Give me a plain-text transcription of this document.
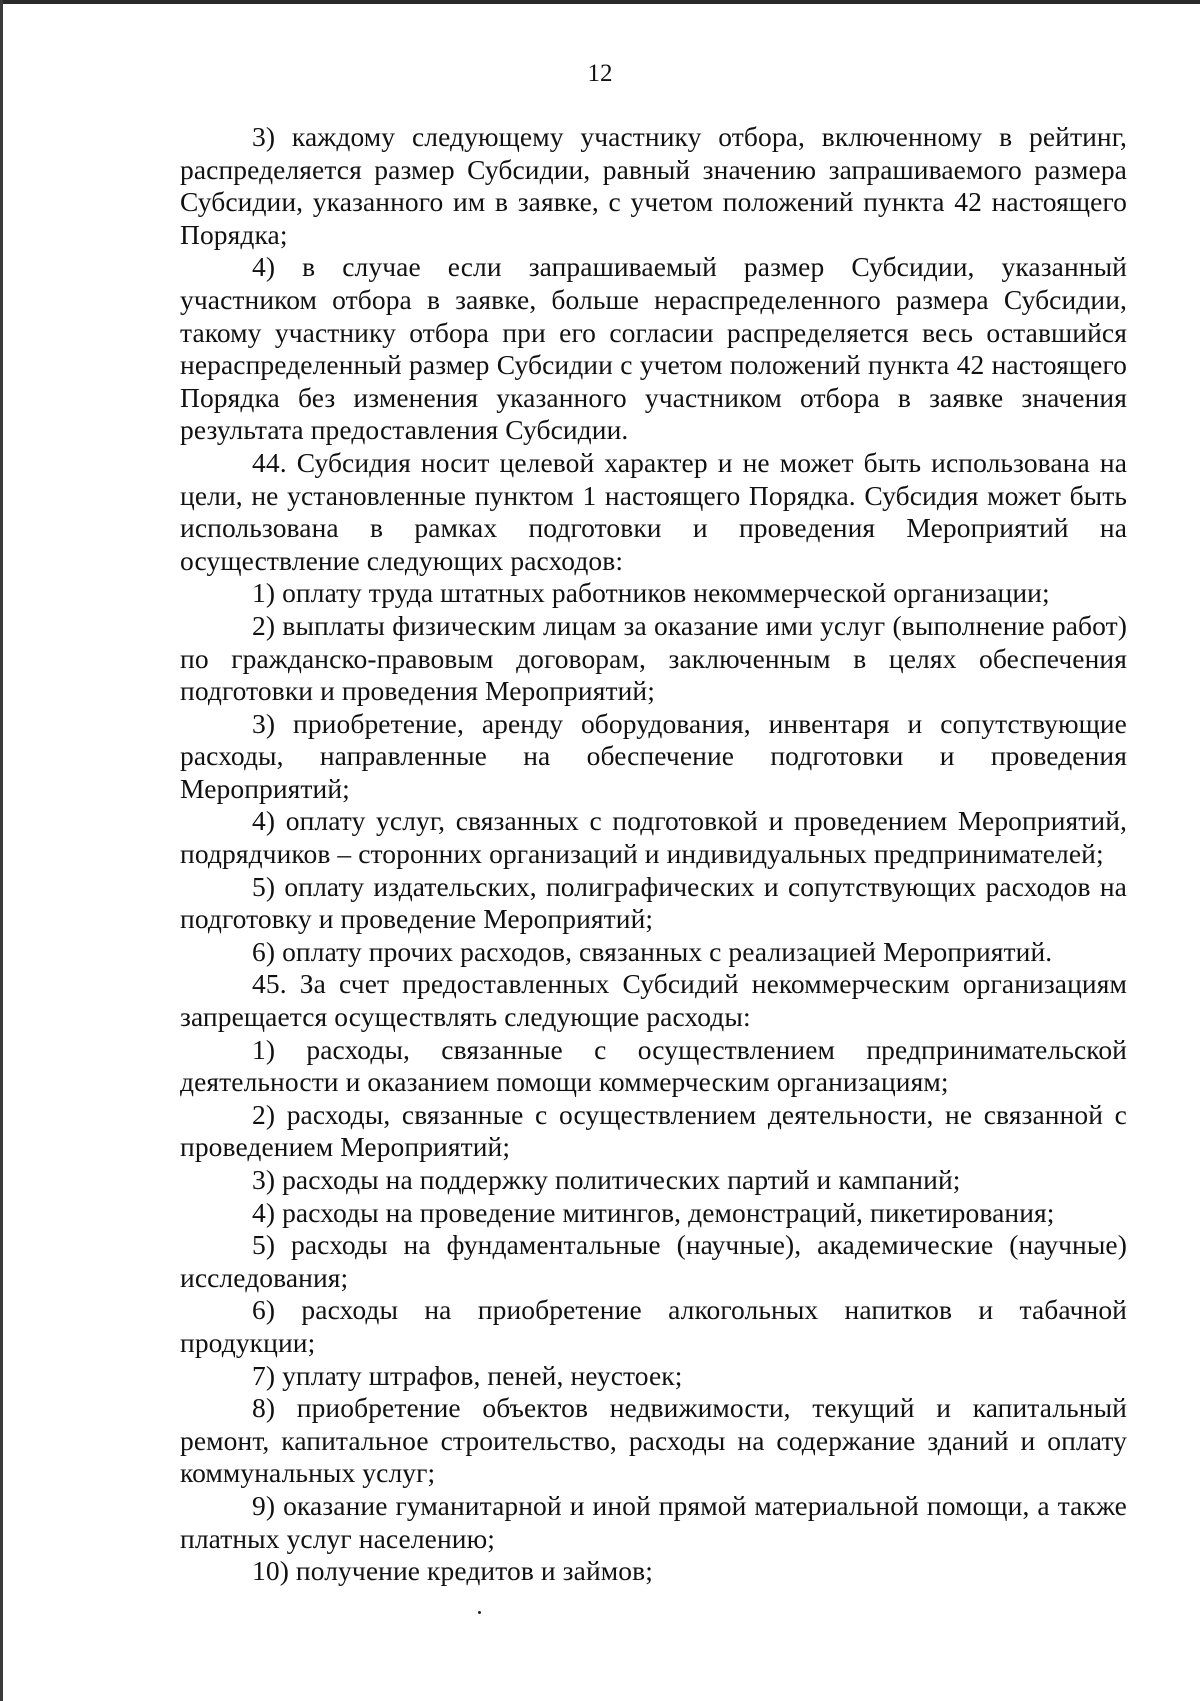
12

3) каждому следующему участнику отбора, включенному в рейтинг, распределяется размер Субсидии, равный значению запрашиваемого размера Субсидии, указанного им в заявке, с учетом положений пункта 42 настоящего Порядка;

4) в случае если запрашиваемый размер Субсидии, указанный участником отбора в заявке, больше нераспределенного размера Субсидии, такому участнику отбора при его согласии распределяется весь оставшийся нераспределенный размер Субсидии с учетом положений пункта 42 настоящего Порядка без изменения указанного участником отбора в заявке значения результата предоставления Субсидии.

44. Субсидия носит целевой характер и не может быть использована на цели, не установленные пунктом 1 настоящего Порядка. Субсидия может быть использована в рамках подготовки и проведения Мероприятий на осуществление следующих расходов:

1) оплату труда штатных работников некоммерческой организации;

2) выплаты физическим лицам за оказание ими услуг (выполнение работ) по гражданско-правовым договорам, заключенным в целях обеспечения подготовки и проведения Мероприятий;

3) приобретение, аренду оборудования, инвентаря и сопутствующие расходы, направленные на обеспечение подготовки и проведения Мероприятий;

4) оплату услуг, связанных с подготовкой и проведением Мероприятий, подрядчиков – сторонних организаций и индивидуальных предпринимателей;

5) оплату издательских, полиграфических и сопутствующих расходов на подготовку и проведение Мероприятий;

6) оплату прочих расходов, связанных с реализацией Мероприятий.

45. За счет предоставленных Субсидий некоммерческим организациям запрещается осуществлять следующие расходы:

1) расходы, связанные с осуществлением предпринимательской деятельности и оказанием помощи коммерческим организациям;

2) расходы, связанные с осуществлением деятельности, не связанной с проведением Мероприятий;

3) расходы на поддержку политических партий и кампаний;

4) расходы на проведение митингов, демонстраций, пикетирования;

5) расходы на фундаментальные (научные), академические (научные) исследования;

6) расходы на приобретение алкогольных напитков и табачной продукции;

7) уплату штрафов, пеней, неустоек;

8) приобретение объектов недвижимости, текущий и капитальный ремонт, капитальное строительство, расходы на содержание зданий и оплату коммунальных услуг;

9) оказание гуманитарной и иной прямой материальной помощи, а также платных услуг населению;

10) получение кредитов и займов;
